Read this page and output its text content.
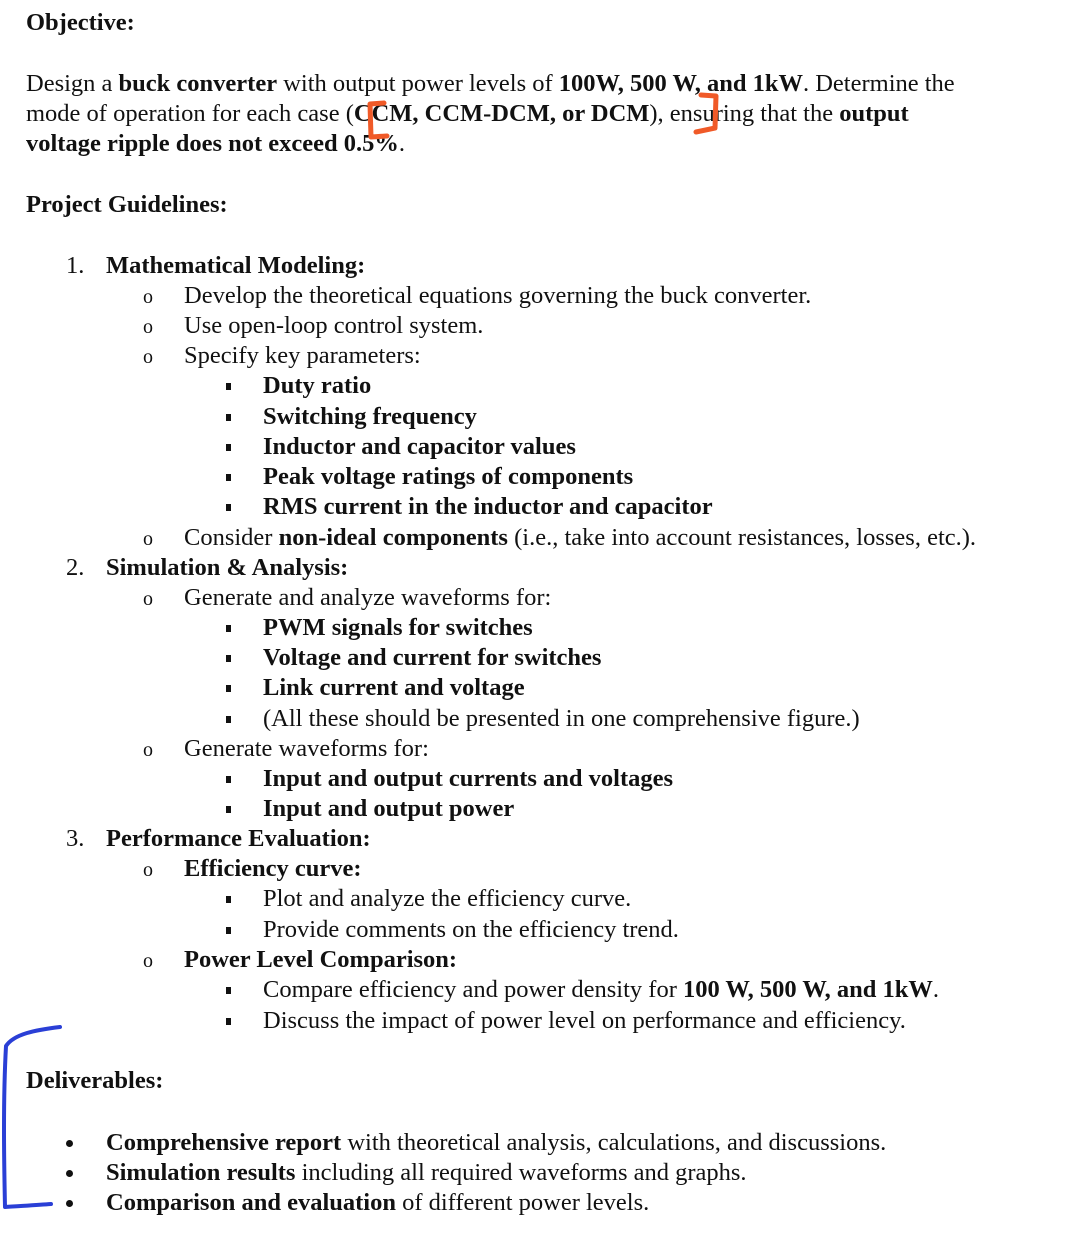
Objective:
Design a buck converter with output power levels of 100W, 500 W, and 1kW. Determine the
mode of operation for each case (CCM, CCM-DCM, or DCM), ensuring that the output
voltage ripple does not exceed 0.5%.
Project Guidelines:
1. Mathematical Modeling:
o Develop the theoretical equations governing the buck converter.
o Use open-loop control system.
o Specify key parameters:
Duty ratio
Switching frequency
Inductor and capacitor values
Peak voltage ratings of components
RMS current in the inductor and capacitor
o Consider non-ideal components (i.e., take into account resistances, losses, etc.).
2. Simulation & Analysis:
o Generate and analyze waveforms for:
PWM signals for switches
Voltage and current for switches
Link current and voltage
(All these should be presented in one comprehensive figure.)
o Generate waveforms for:
Input and output currents and voltages
Input and output power
3. Performance Evaluation:
o Efficiency curve:
Plot and analyze the efficiency curve.
Provide comments on the efficiency trend.
o Power Level Comparison:
Compare efficiency and power density for 100 W, 500 W, and 1kW.
Discuss the impact of power level on performance and efficiency.
Deliverables:
Comprehensive report with theoretical analysis, calculations, and discussions.
Simulation results including all required waveforms and graphs.
Comparison and evaluation of different power levels.
